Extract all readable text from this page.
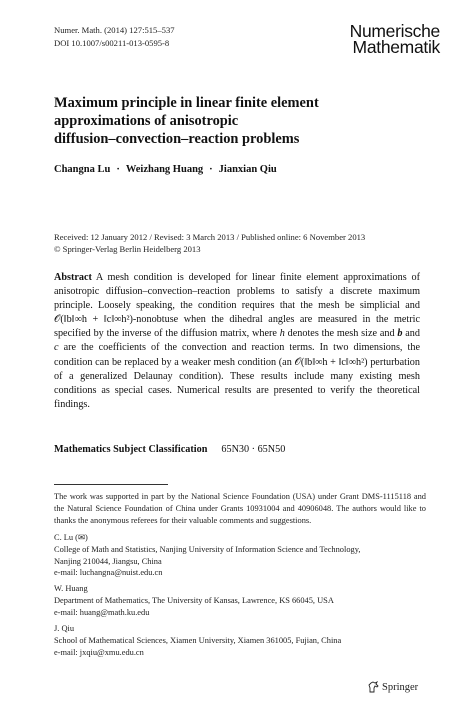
Numer. Math. (2014) 127:515–537
DOI 10.1007/s00211-013-0595-8
Numerische
Mathematik
Maximum principle in linear finite element
approximations of anisotropic
diffusion–convection–reaction problems
Changna Lu · Weizhang Huang · Jianxian Qiu
Received: 12 January 2012 / Revised: 3 March 2013 / Published online: 6 November 2013
© Springer-Verlag Berlin Heidelberg 2013
Abstract A mesh condition is developed for linear finite element approximations of anisotropic diffusion–convection–reaction problems to satisfy a discrete maximum principle. Loosely speaking, the condition requires that the mesh be simplicial and 𝒪(‖b‖∞h + ‖c‖∞h²)-nonobtuse when the dihedral angles are measured in the metric specified by the inverse of the diffusion matrix, where h denotes the mesh size and b and c are the coefficients of the convection and reaction terms. In two dimensions, the condition can be replaced by a weaker mesh condition (an 𝒪(‖b‖∞h + ‖c‖∞h²) perturbation of a generalized Delaunay condition). These results include many existing mesh conditions as special cases. Numerical results are presented to verify the theoretical findings.
Mathematics Subject Classification 65N30 · 65N50
The work was supported in part by the National Science Foundation (USA) under Grant DMS-1115118 and the Natural Science Foundation of China under Grants 10931004 and 40906048. The authors would like to thanks the anonymous referees for their valuable comments and suggestions.
C. Lu (✉)
College of Math and Statistics, Nanjing University of Information Science and Technology,
Nanjing 210044, Jiangsu, China
e-mail: luchangna@nuist.edu.cn
W. Huang
Department of Mathematics, The University of Kansas, Lawrence, KS 66045, USA
e-mail: huang@math.ku.edu
J. Qiu
School of Mathematical Sciences, Xiamen University, Xiamen 361005, Fujian, China
e-mail: jxqiu@xmu.edu.cn
Springer
